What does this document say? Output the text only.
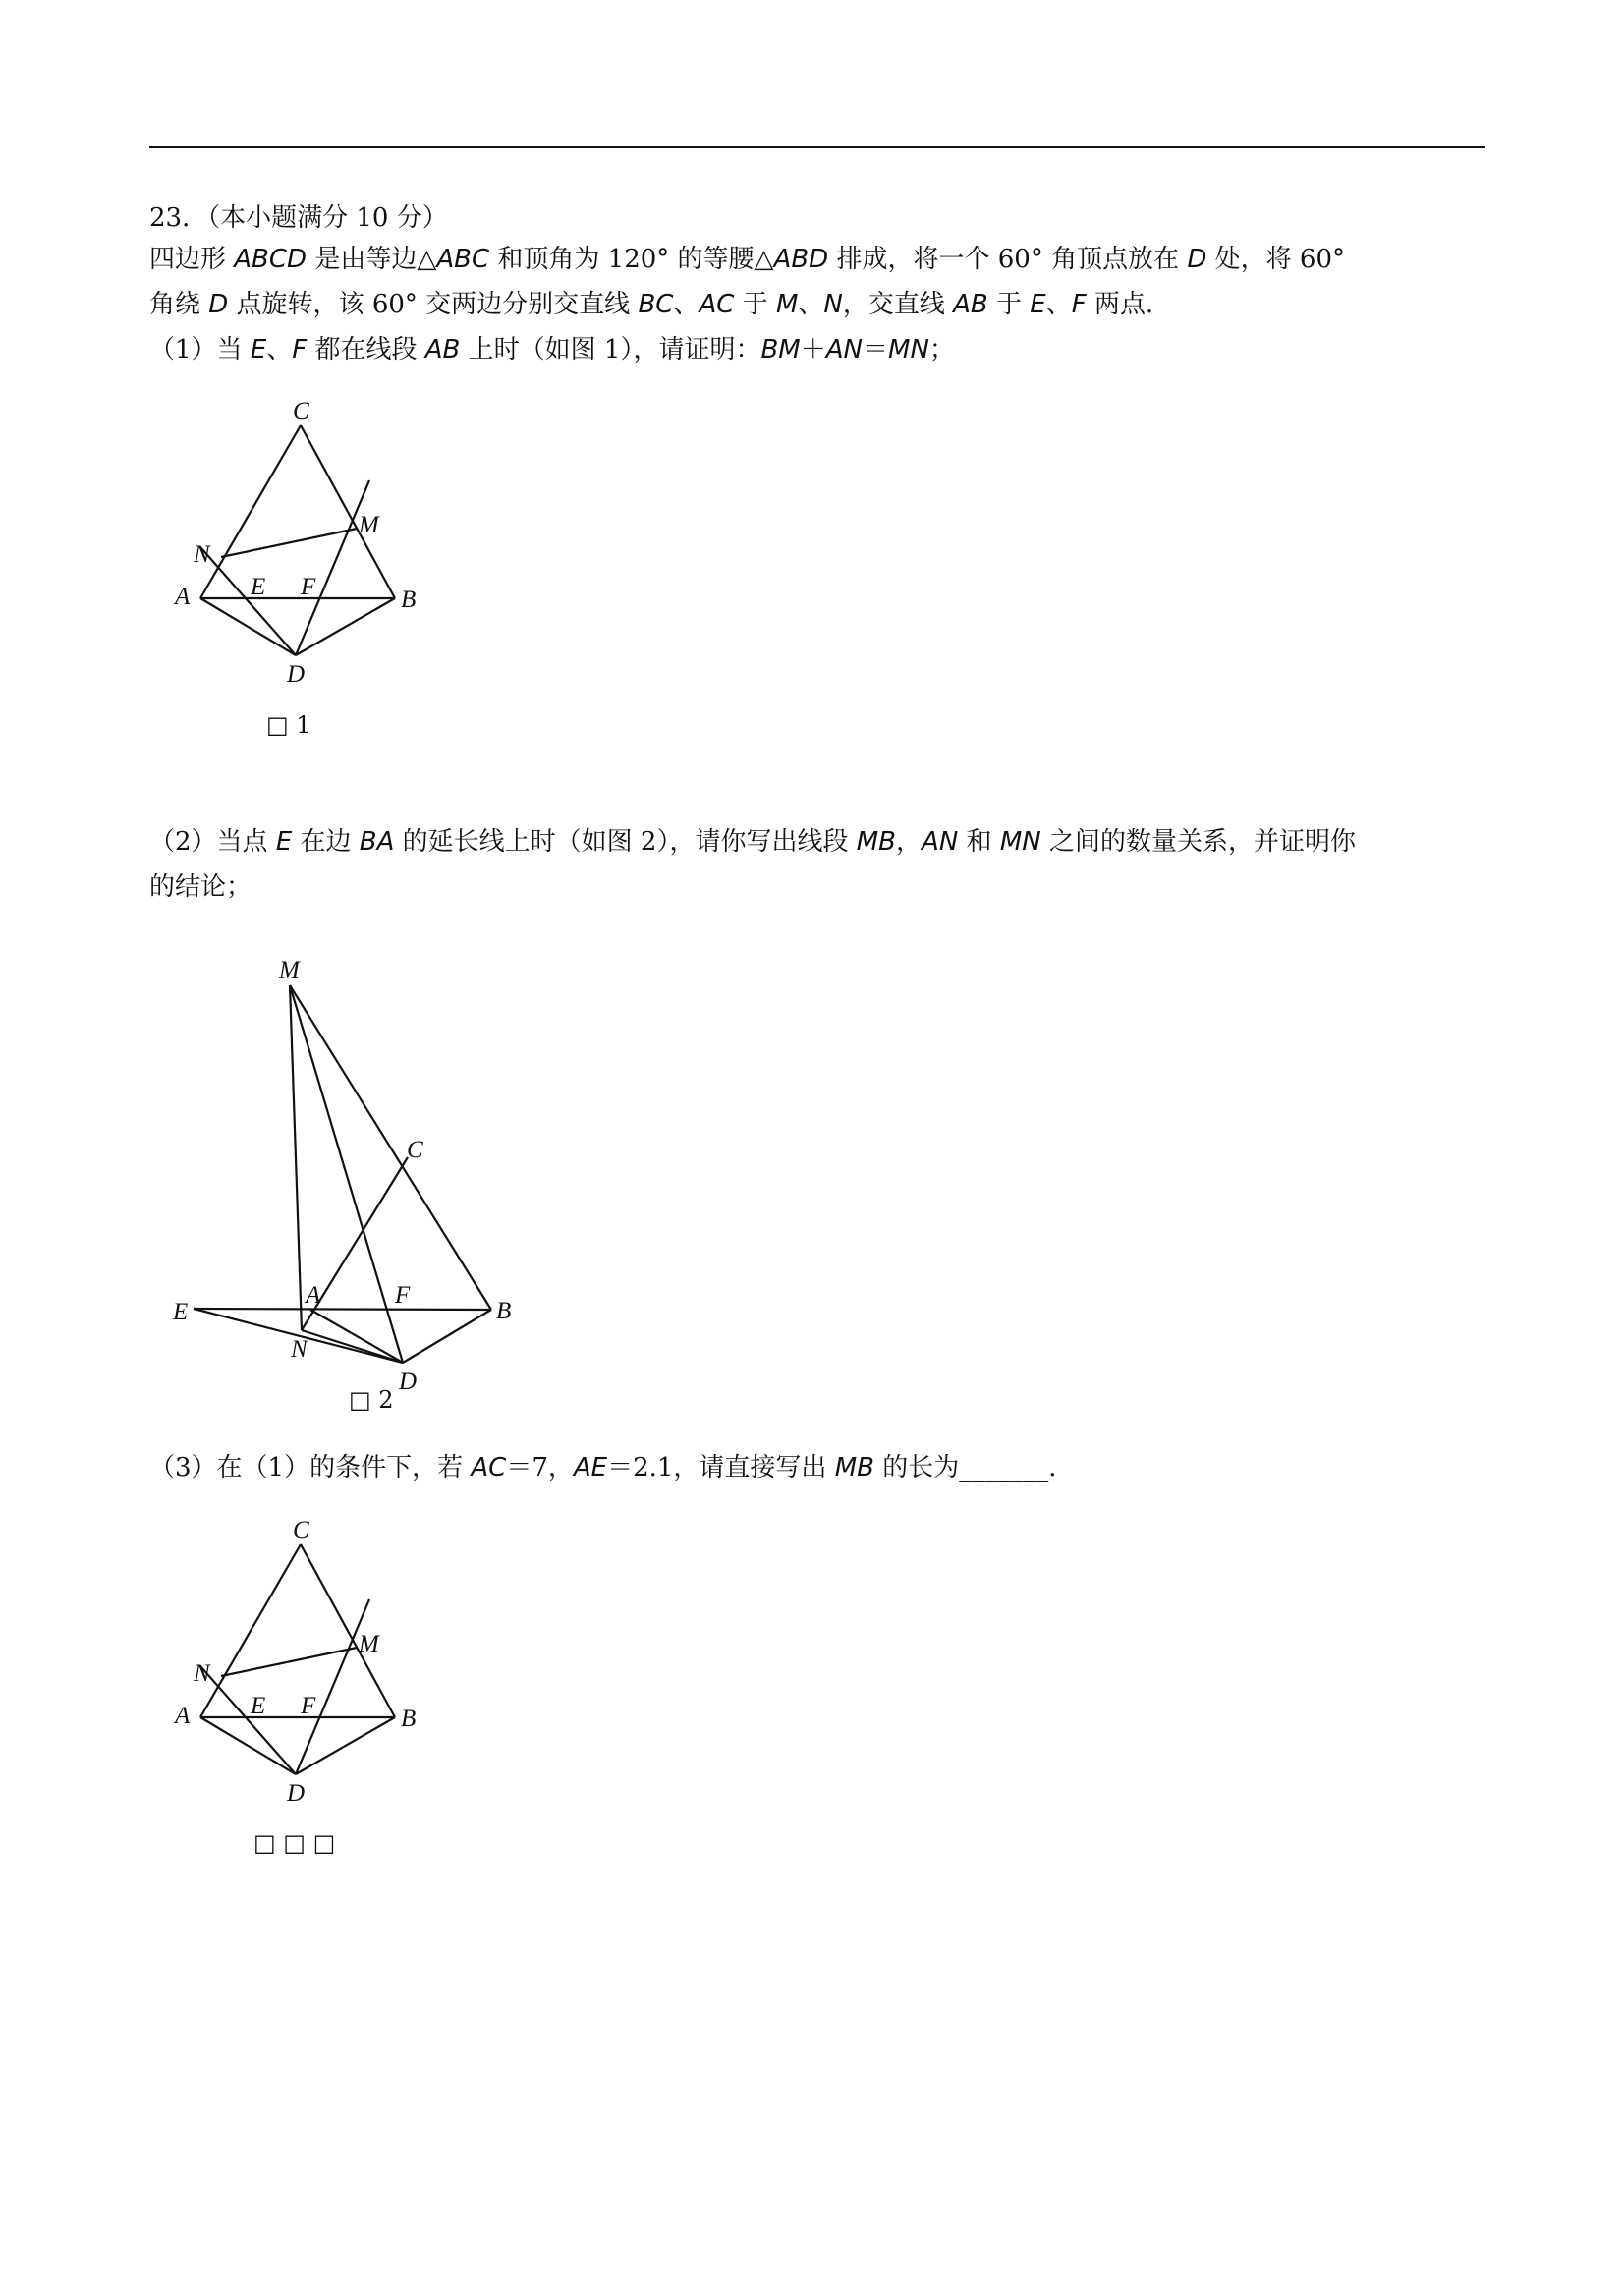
23．（本小题满分 10 分）
四边形 ABCD 是由等边△ABC 和顶角为 120° 的等腰△ABD 排成，将一个 60° 角顶点放在 D 处，将 60°
角绕 D 点旋转，该 60° 交两边分别交直线 BC、AC 于 M、N，交直线 AB 于 E、F 两点．
（1）当 E、F 都在线段 AB 上时（如图 1），请证明：BM＋AN＝MN；
C
M
N
A E F	B
D
□ 1
（2）当点 E 在边 BA 的延长线上时（如图 2），请你写出线段 MB，AN 和 MN 之间的数量关系，并证明你
的结论；
M
C
E
A	F
B
N
D
□ 2
（3）在（1）的条件下，若 AC＝7，AE＝2.1，请直接写出 MB 的长为_______．
C
M
N
A E F	B
D
□ □ □
